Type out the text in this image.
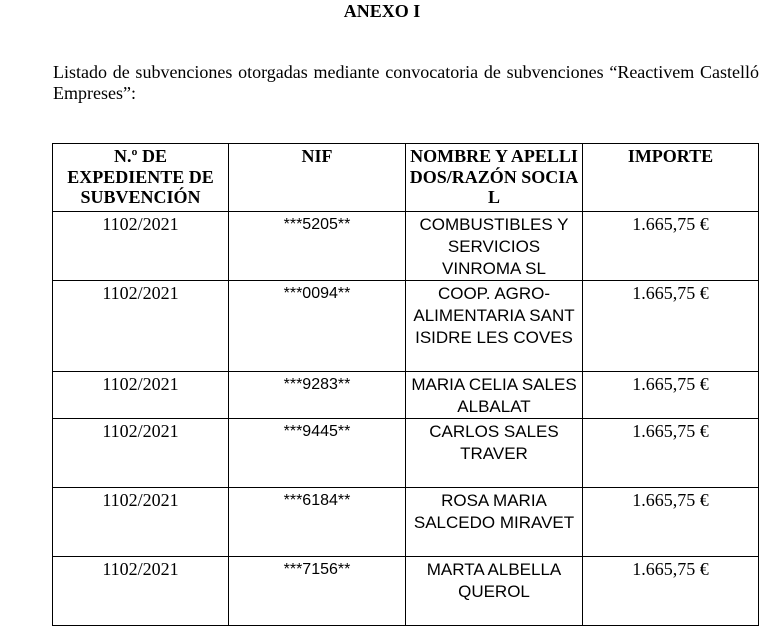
ANEXO I
Listado de subvenciones otorgadas mediante convocatoria de subvenciones “Reactivem Castelló Empreses”:
N.º DE EXPEDIENTE DE SUBVENCIÓN	NIF	NOMBRE Y APELLIDOS/RAZÓN SOCIAL	IMPORTE
1102/2021	***5205**	COMBUSTIBLES Y SERVICIOS VINROMA SL	1.665,75 €
1102/2021	***0094**	COOP. AGRO-ALIMENTARIA SANT ISIDRE LES COVES	1.665,75 €
1102/2021	***9283**	MARIA CELIA SALES ALBALAT	1.665,75 €
1102/2021	***9445**	CARLOS SALES TRAVER	1.665,75 €
1102/2021	***6184**	ROSA MARIA SALCEDO MIRAVET	1.665,75 €
1102/2021	***7156**	MARTA ALBELLA QUEROL	1.665,75 €
